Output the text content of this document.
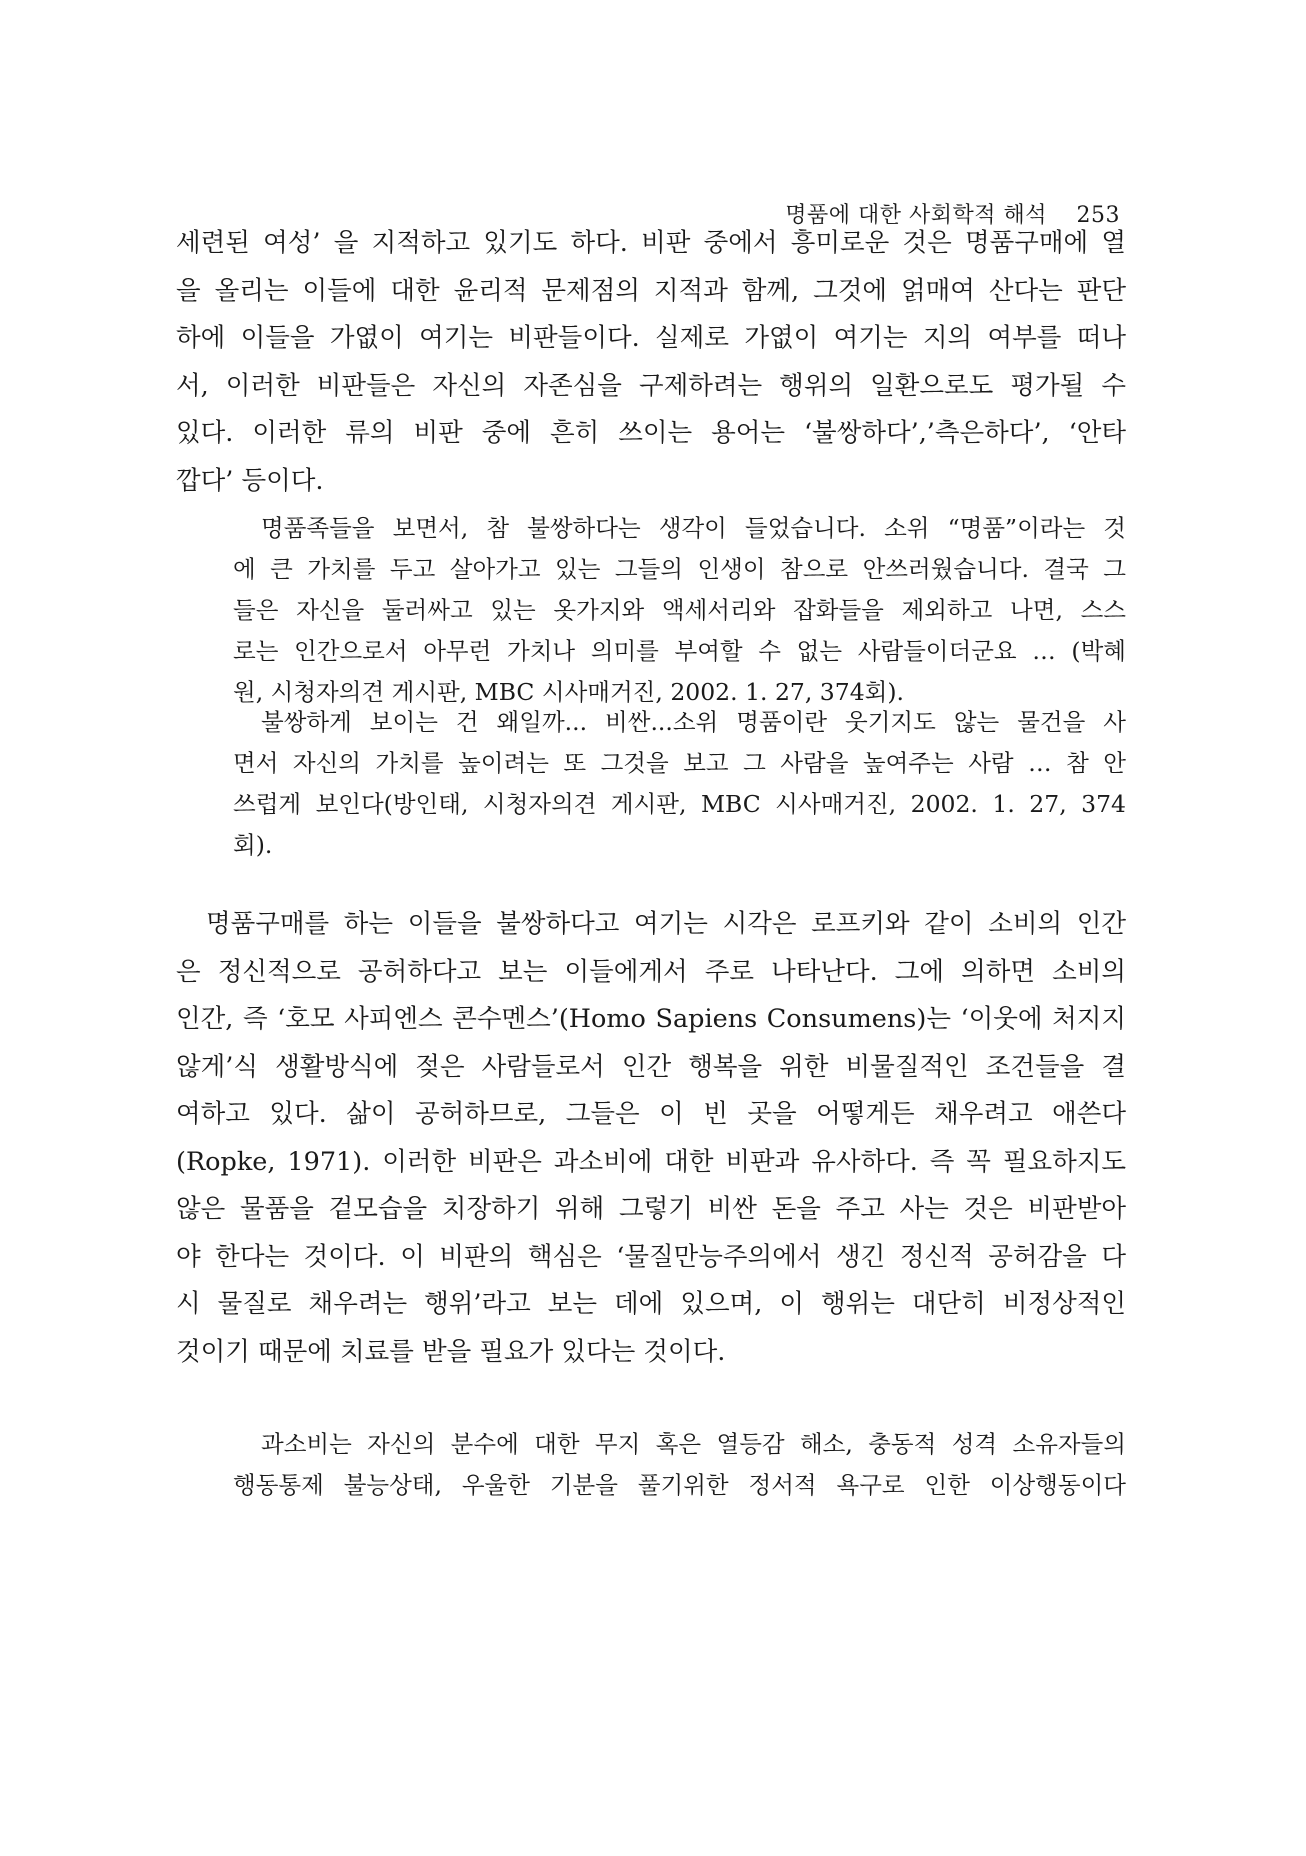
명품에 대한 사회학적 해석 253
세련된 여성’ 을 지적하고 있기도 하다. 비판 중에서 흥미로운 것은 명품구매에 열
을 올리는 이들에 대한 윤리적 문제점의 지적과 함께, 그것에 얽매여 산다는 판단
하에 이들을 가엾이 여기는 비판들이다. 실제로 가엾이 여기는 지의 여부를 떠나
서, 이러한 비판들은 자신의 자존심을 구제하려는 행위의 일환으로도 평가될 수
있다. 이러한 류의 비판 중에 흔히 쓰이는 용어는 ‘불쌍하다’,’측은하다’, ‘안타
깝다’ 등이다.
명품족들을 보면서, 참 불쌍하다는 생각이 들었습니다. 소위 “명품”이라는 것
에 큰 가치를 두고 살아가고 있는 그들의 인생이 참으로 안쓰러웠습니다. 결국 그
들은 자신을 둘러싸고 있는 옷가지와 액세서리와 잡화들을 제외하고 나면, 스스
로는 인간으로서 아무런 가치나 의미를 부여할 수 없는 사람들이더군요 … (박혜
원, 시청자의견 게시판, MBC 시사매거진, 2002. 1. 27, 374회).
불쌍하게 보이는 건 왜일까... 비싼...소위 명품이란 웃기지도 않는 물건을 사
면서 자신의 가치를 높이려는 또 그것을 보고 그 사람을 높여주는 사람 … 참 안
쓰럽게 보인다(방인태, 시청자의견 게시판, MBC 시사매거진, 2002. 1. 27, 374
회).
명품구매를 하는 이들을 불쌍하다고 여기는 시각은 로프키와 같이 소비의 인간
은 정신적으로 공허하다고 보는 이들에게서 주로 나타난다. 그에 의하면 소비의
인간, 즉 ‘호모 사피엔스 콘수멘스’(Homo Sapiens Consumens)는 ‘이웃에 처지지
않게’식 생활방식에 젖은 사람들로서 인간 행복을 위한 비물질적인 조건들을 결
여하고 있다. 삶이 공허하므로, 그들은 이 빈 곳을 어떻게든 채우려고 애쓴다
(Ropke, 1971). 이러한 비판은 과소비에 대한 비판과 유사하다. 즉 꼭 필요하지도
않은 물품을 겉모습을 치장하기 위해 그렇기 비싼 돈을 주고 사는 것은 비판받아
야 한다는 것이다. 이 비판의 핵심은 ‘물질만능주의에서 생긴 정신적 공허감을 다
시 물질로 채우려는 행위’라고 보는 데에 있으며, 이 행위는 대단히 비정상적인
것이기 때문에 치료를 받을 필요가 있다는 것이다.
과소비는 자신의 분수에 대한 무지 혹은 열등감 해소, 충동적 성격 소유자들의
행동통제 불능상태, 우울한 기분을 풀기위한 정서적 욕구로 인한 이상행동이다
